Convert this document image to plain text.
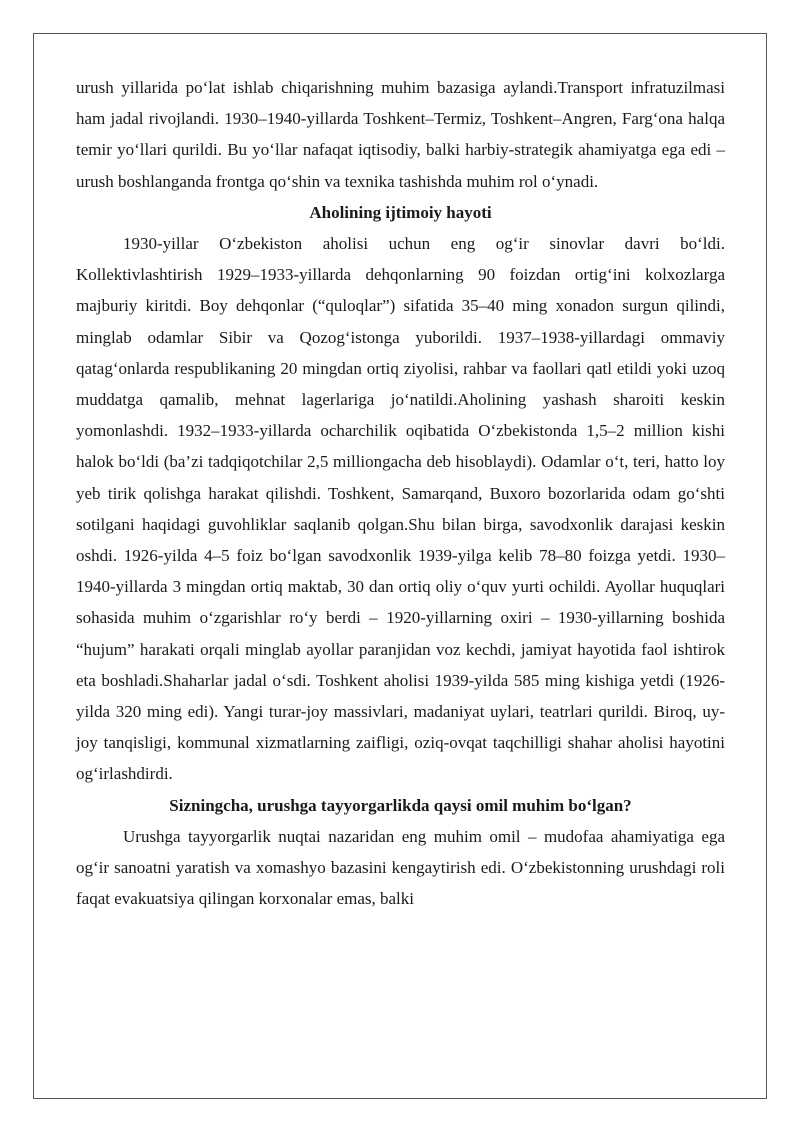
urush yillarida po‘lat ishlab chiqarishning muhim bazasiga aylandi.Transport infratuzilmasi ham jadal rivojlandi. 1930–1940-yillarda Toshkent–Termiz, Toshkent–Angren, Farg‘ona halqa temir yo‘llari qurildi. Bu yo‘llar nafaqat iqtisodiy, balki harbiy-strategik ahamiyatga ega edi – urush boshlanganda frontga qo‘shin va texnika tashishda muhim rol o‘ynadi.

Aholining ijtimoiy hayoti

1930-yillar O‘zbekiston aholisi uchun eng og‘ir sinovlar davri bo‘ldi. Kollektivlashtirish 1929–1933-yillarda dehqonlarning 90 foizdan ortig‘ini kolxozlarga majburiy kiritdi. Boy dehqonlar (“quloqlar”) sifatida 35–40 ming xonadon surgun qilindi, minglab odamlar Sibir va Qozog‘istonga yuborildi. 1937–1938-yillardagi ommaviy qatag‘onlarda respublikaning 20 mingdan ortiq ziyolisi, rahbar va faollari qatl etildi yoki uzoq muddatga qamalib, mehnat lagerlariga jo‘natildi.Aholining yashash sharoiti keskin yomonlashdi. 1932–1933-yillarda ocharchilik oqibatida O‘zbekistonda 1,5–2 million kishi halok bo‘ldi (ba’zi tadqiqotchilar 2,5 milliongacha deb hisoblaydi). Odamlar o‘t, teri, hatto loy yeb tirik qolishga harakat qilishdi. Toshkent, Samarqand, Buxoro bozorlarida odam go‘shti sotilgani haqidagi guvohliklar saqlanib qolgan.Shu bilan birga, savodxonlik darajasi keskin oshdi. 1926-yilda 4–5 foiz bo‘lgan savodxonlik 1939-yilga kelib 78–80 foizga yetdi. 1930–1940-yillarda 3 mingdan ortiq maktab, 30 dan ortiq oliy o‘quv yurti ochildi. Ayollar huquqlari sohasida muhim o‘zgarishlar ro‘y berdi – 1920-yillarning oxiri – 1930-yillarning boshida “hujum” harakati orqali minglab ayollar paranjidan voz kechdi, jamiyat hayotida faol ishtirok eta boshladi.Shaharlar jadal o‘sdi. Toshkent aholisi 1939-yilda 585 ming kishiga yetdi (1926-yilda 320 ming edi). Yangi turar-joy massivlari, madaniyat uylari, teatrlari qurildi. Biroq, uy-joy tanqisligi, kommunal xizmatlarning zaifligi, oziq-ovqat taqchilligi shahar aholisi hayotini og‘irlashdirdi.

Sizningcha, urushga tayyorgarlikda qaysi omil muhim bo‘lgan?

Urushga tayyorgarlik nuqtai nazaridan eng muhim omil – mudofaa ahamiyatiga ega og‘ir sanoatni yaratish va xomashyo bazasini kengaytirish edi. O‘zbekistonning urushdagi roli faqat evakuatsiya qilingan korxonalar emas, balki
